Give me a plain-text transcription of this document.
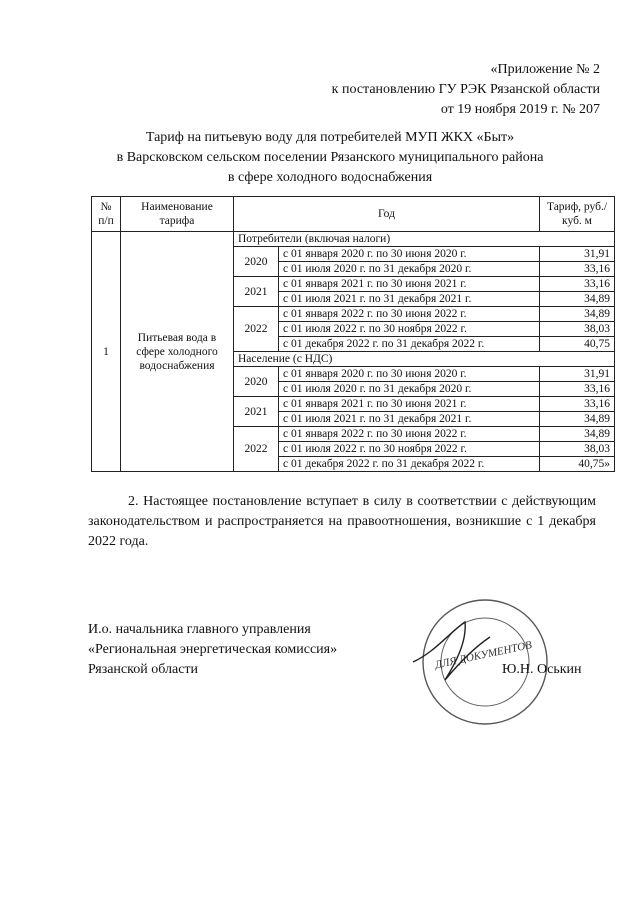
«Приложение № 2
к постановлению ГУ РЭК Рязанской области
от 19 ноября 2019 г. № 207
Тариф на питьевую воду для потребителей МУП ЖКХ «Быт»
в Варсковском сельском поселении Рязанского муниципального района
в сфере холодного водоснабжения
№ п/п	Наименование тарифа	Год		Тариф, руб./куб. м
1	Питьевая вода в сфере холодного водоснабжения	Потребители (включая налоги)		
		2020	с 01 января 2020 г. по 30 июня 2020 г.	31,91
			с 01 июля 2020 г. по 31 декабря 2020 г.	33,16
		2021	с 01 января 2021 г. по 30 июня 2021 г.	33,16
			с 01 июля 2021 г. по 31 декабря 2021 г.	34,89
		2022	с 01 января 2022 г. по 30 июня 2022 г.	34,89
			с 01 июля 2022 г. по 30 ноября 2022 г.	38,03
			с 01 декабря 2022 г. по 31 декабря 2022 г.	40,75
		Население (с НДС)		
		2020	с 01 января 2020 г. по 30 июня 2020 г.	31,91
			с 01 июля 2020 г. по 31 декабря 2020 г.	33,16
		2021	с 01 января 2021 г. по 30 июня 2021 г.	33,16
			с 01 июля 2021 г. по 31 декабря 2021 г.	34,89
		2022	с 01 января 2022 г. по 30 июня 2022 г.	34,89
			с 01 июля 2022 г. по 30 ноября 2022 г.	38,03
			с 01 декабря 2022 г. по 31 декабря 2022 г.	40,75»
2. Настоящее постановление вступает в силу в соответствии с действующим законодательством и распространяется на правоотношения, возникшие с 1 декабря 2022 года.
И.о. начальника главного управления
«Региональная энергетическая комиссия»
Рязанской области	ДЛЯ ДОКУМЕНТОВ
Ю.Н. Оськин
